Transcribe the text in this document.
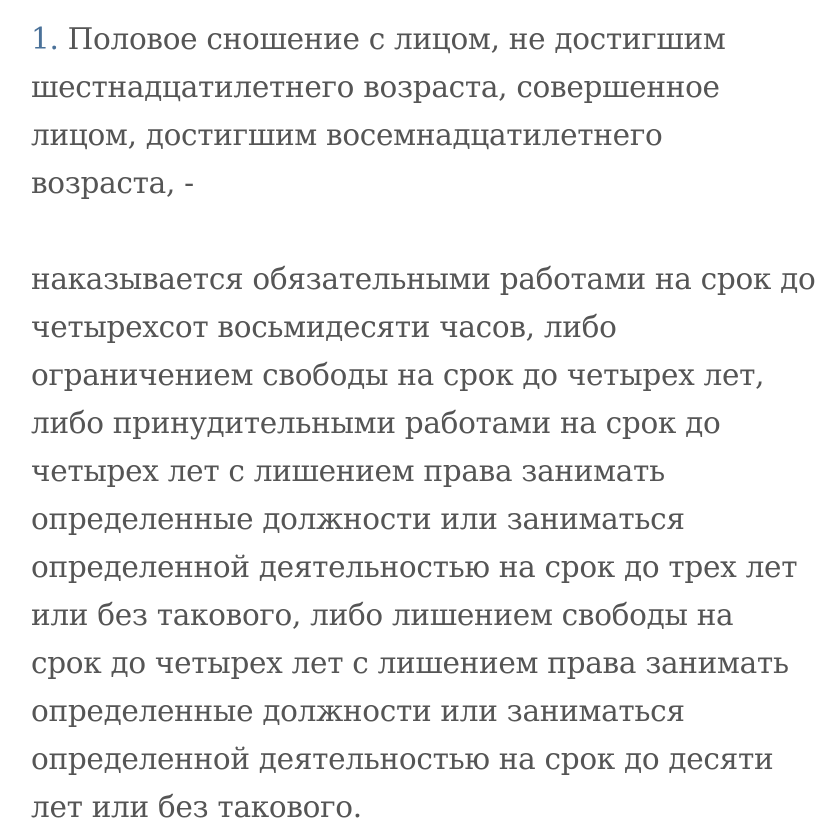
1. Половое сношение с лицом, не достигшим
шестнадцатилетнего возраста, совершенное
лицом, достигшим восемнадцатилетнего
возраста, -

наказывается обязательными работами на срок до
четырехсот восьмидесяти часов, либо
ограничением свободы на срок до четырех лет,
либо принудительными работами на срок до
четырех лет с лишением права занимать
определенные должности или заниматься
определенной деятельностью на срок до трех лет
или без такового, либо лишением свободы на
срок до четырех лет с лишением права занимать
определенные должности или заниматься
определенной деятельностью на срок до десяти
лет или без такового.
